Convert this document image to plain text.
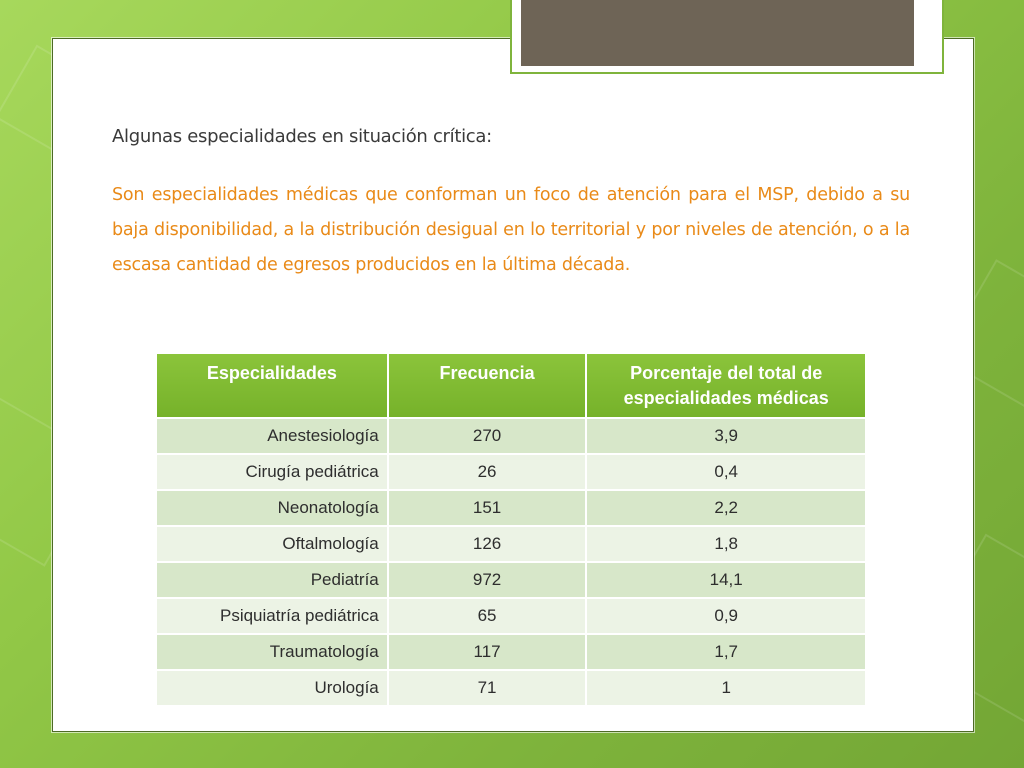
Algunas especialidades en situación crítica:
Son especialidades médicas que conforman un foco de atención para el MSP, debido a su baja disponibilidad, a la distribución desigual en lo territorial y por niveles de atención, o a la escasa cantidad de egresos producidos en la última década.
Especialidades	Frecuencia	Porcentaje del total de especialidades médicas
Anestesiología	270	3,9
Cirugía pediátrica	26	0,4
Neonatología	151	2,2
Oftalmología	126	1,8
Pediatría	972	14,1
Psiquiatría pediátrica	65	0,9
Traumatología	117	1,7
Urología	71	1
